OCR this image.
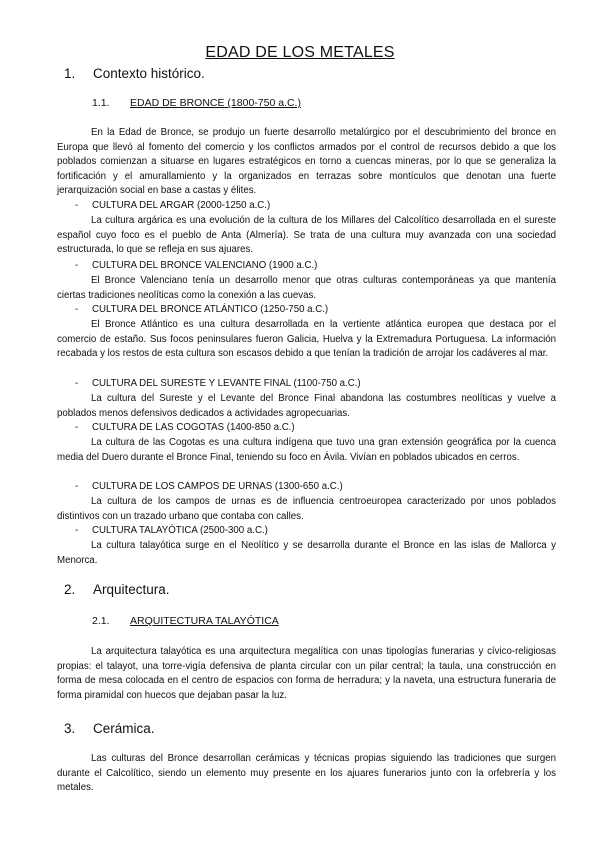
EDAD DE LOS METALES
1. Contexto histórico.
1.1. EDAD DE BRONCE (1800-750 a.C.)

En la Edad de Bronce, se produjo un fuerte desarrollo metalúrgico por el descubrimiento del bronce en Europa que llevó al fomento del comercio y los conflictos armados por el control de recursos debido a que los poblados comienzan a situarse en lugares estratégicos en torno a cuencas mineras, por lo que se generaliza la fortificación y el amurallamiento y la organizados en terrazas sobre montículos que denotan una fuerte jerarquización social en base a castas y élites.

- CULTURA DEL ARGAR (2000-1250 a.C.)

La cultura argárica es una evolución de la cultura de los Millares del Calcolítico desarrollada en el sureste español cuyo foco es el pueblo de Anta (Almería). Se trata de una cultura muy avanzada con una sociedad estructurada, lo que se refleja en sus ajuares.

- CULTURA DEL BRONCE VALENCIANO (1900 a.C.)

El Bronce Valenciano tenía un desarrollo menor que otras culturas contemporáneas ya que mantenía ciertas tradiciones neolíticas como la conexión a las cuevas.

- CULTURA DEL BRONCE ATLÁNTICO (1250-750 a.C.)

El Bronce Atlántico es una cultura desarrollada en la vertiente atlántica europea que destaca por el comercio de estaño. Sus focos peninsulares fueron Galicia, Huelva y la Extremadura Portuguesa. La información recabada y los restos de esta cultura son escasos debido a que tenían la tradición de arrojar los cadáveres al mar.

- CULTURA DEL SURESTE Y LEVANTE FINAL (1100-750 a.C.)

La cultura del Sureste y el Levante del Bronce Final abandona las costumbres neolíticas y vuelve a poblados menos defensivos dedicados a actividades agropecuarias.

- CULTURA DE LAS COGOTAS (1400-850 a.C.)

La cultura de las Cogotas es una cultura indígena que tuvo una gran extensión geográfica por la cuenca media del Duero durante el Bronce Final, teniendo su foco en Ávila. Vivían en poblados ubicados en cerros.

- CULTURA DE LOS CAMPOS DE URNAS (1300-650 a.C.)

La cultura de los campos de urnas es de influencia centroeuropea caracterizado por unos poblados distintivos con un trazado urbano que contaba con calles.

- CULTURA TALAYÓTICA (2500-300 a.C.)

La cultura talayótica surge en el Neolítico y se desarrolla durante el Bronce en las islas de Mallorca y Menorca.

2. Arquitectura.
2.1. ARQUITECTURA TALAYÓTICA

La arquitectura talayótica es una arquitectura megalítica con unas tipologías funerarias y cívico-religiosas propias: el talayot, una torre-vigía defensiva de planta circular con un pilar central; la taula, una construcción en forma de mesa colocada en el centro de espacios con forma de herradura; y la naveta, una estructura funeraria de forma piramidal con huecos que dejaban pasar la luz.

3. Cerámica.

Las culturas del Bronce desarrollan cerámicas y técnicas propias siguiendo las tradiciones que surgen durante el Calcolítico, siendo un elemento muy presente en los ajuares funerarios junto con la orfebrería y los metales.
